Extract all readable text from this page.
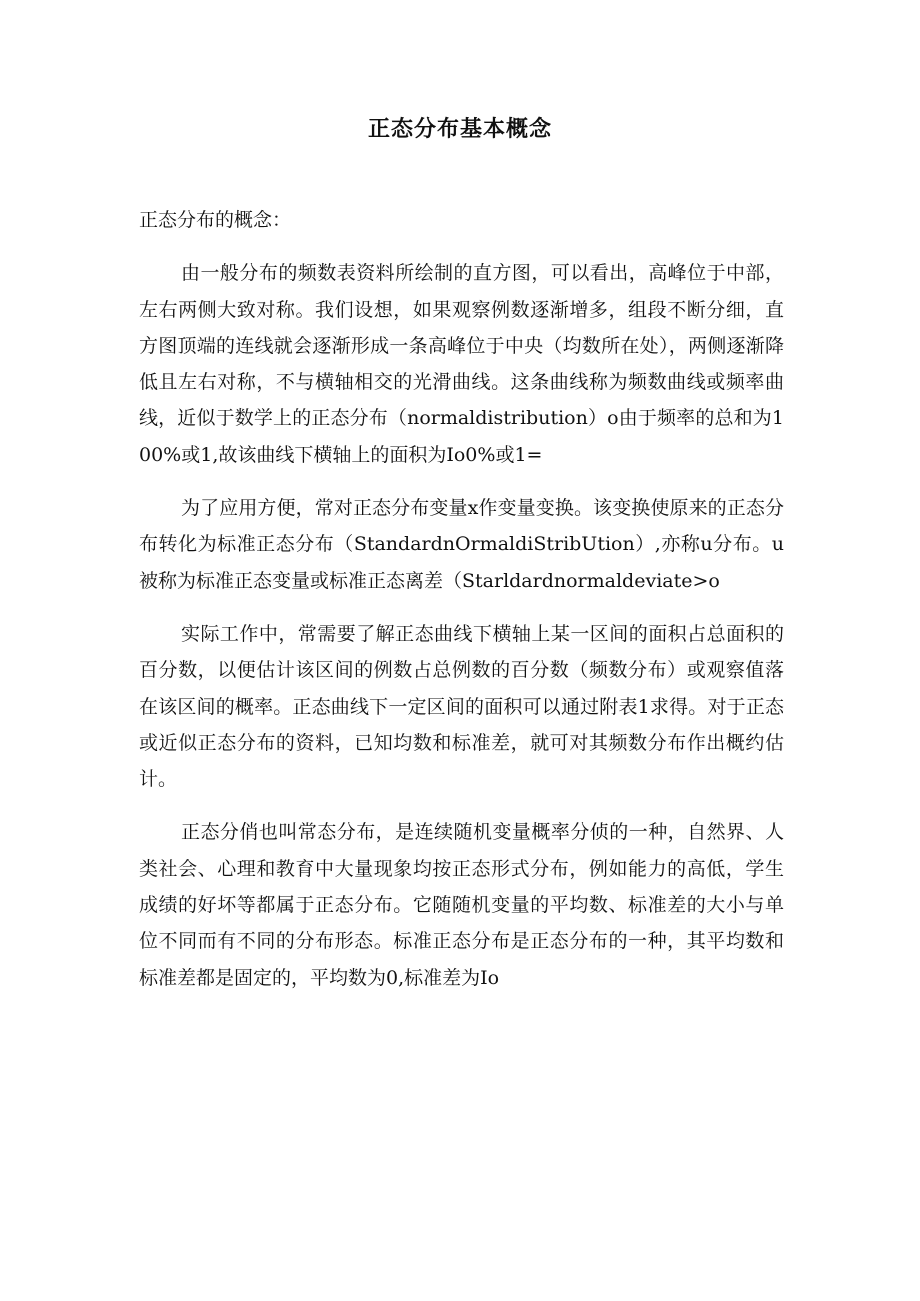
正态分布基本概念

正态分布的概念：

由一般分布的频数表资料所绘制的直方图，可以看出，高峰位于中部，左右两侧大致对称。我们设想，如果观察例数逐渐增多，组段不断分细，直方图顶端的连线就会逐渐形成一条高峰位于中央（均数所在处），两侧逐渐降低且左右对称，不与横轴相交的光滑曲线。这条曲线称为频数曲线或频率曲线，近似于数学上的正态分布（normaldistribution）o由于频率的总和为100%或1,故该曲线下横轴上的面积为Io0%或1=

为了应用方便，常对正态分布变量x作变量变换。该变换使原来的正态分布转化为标准正态分布（StandardnOrmaldiStribUtion）,亦称u分布。u被称为标准正态变量或标准正态离差（Starldardnormaldeviate>o

实际工作中，常需要了解正态曲线下横轴上某一区间的面积占总面积的百分数，以便估计该区间的例数占总例数的百分数（频数分布）或观察值落在该区间的概率。正态曲线下一定区间的面积可以通过附表1求得。对于正态或近似正态分布的资料，已知均数和标准差，就可对其频数分布作出概约估计。

正态分俏也叫常态分布，是连续随机变量概率分侦的一种，自然界、人类社会、心理和教育中大量现象均按正态形式分布，例如能力的高低，学生成绩的好坏等都属于正态分布。它随随机变量的平均数、标准差的大小与单位不同而有不同的分布形态。标准正态分布是正态分布的一种，其平均数和标准差都是固定的，平均数为0,标准差为Io
